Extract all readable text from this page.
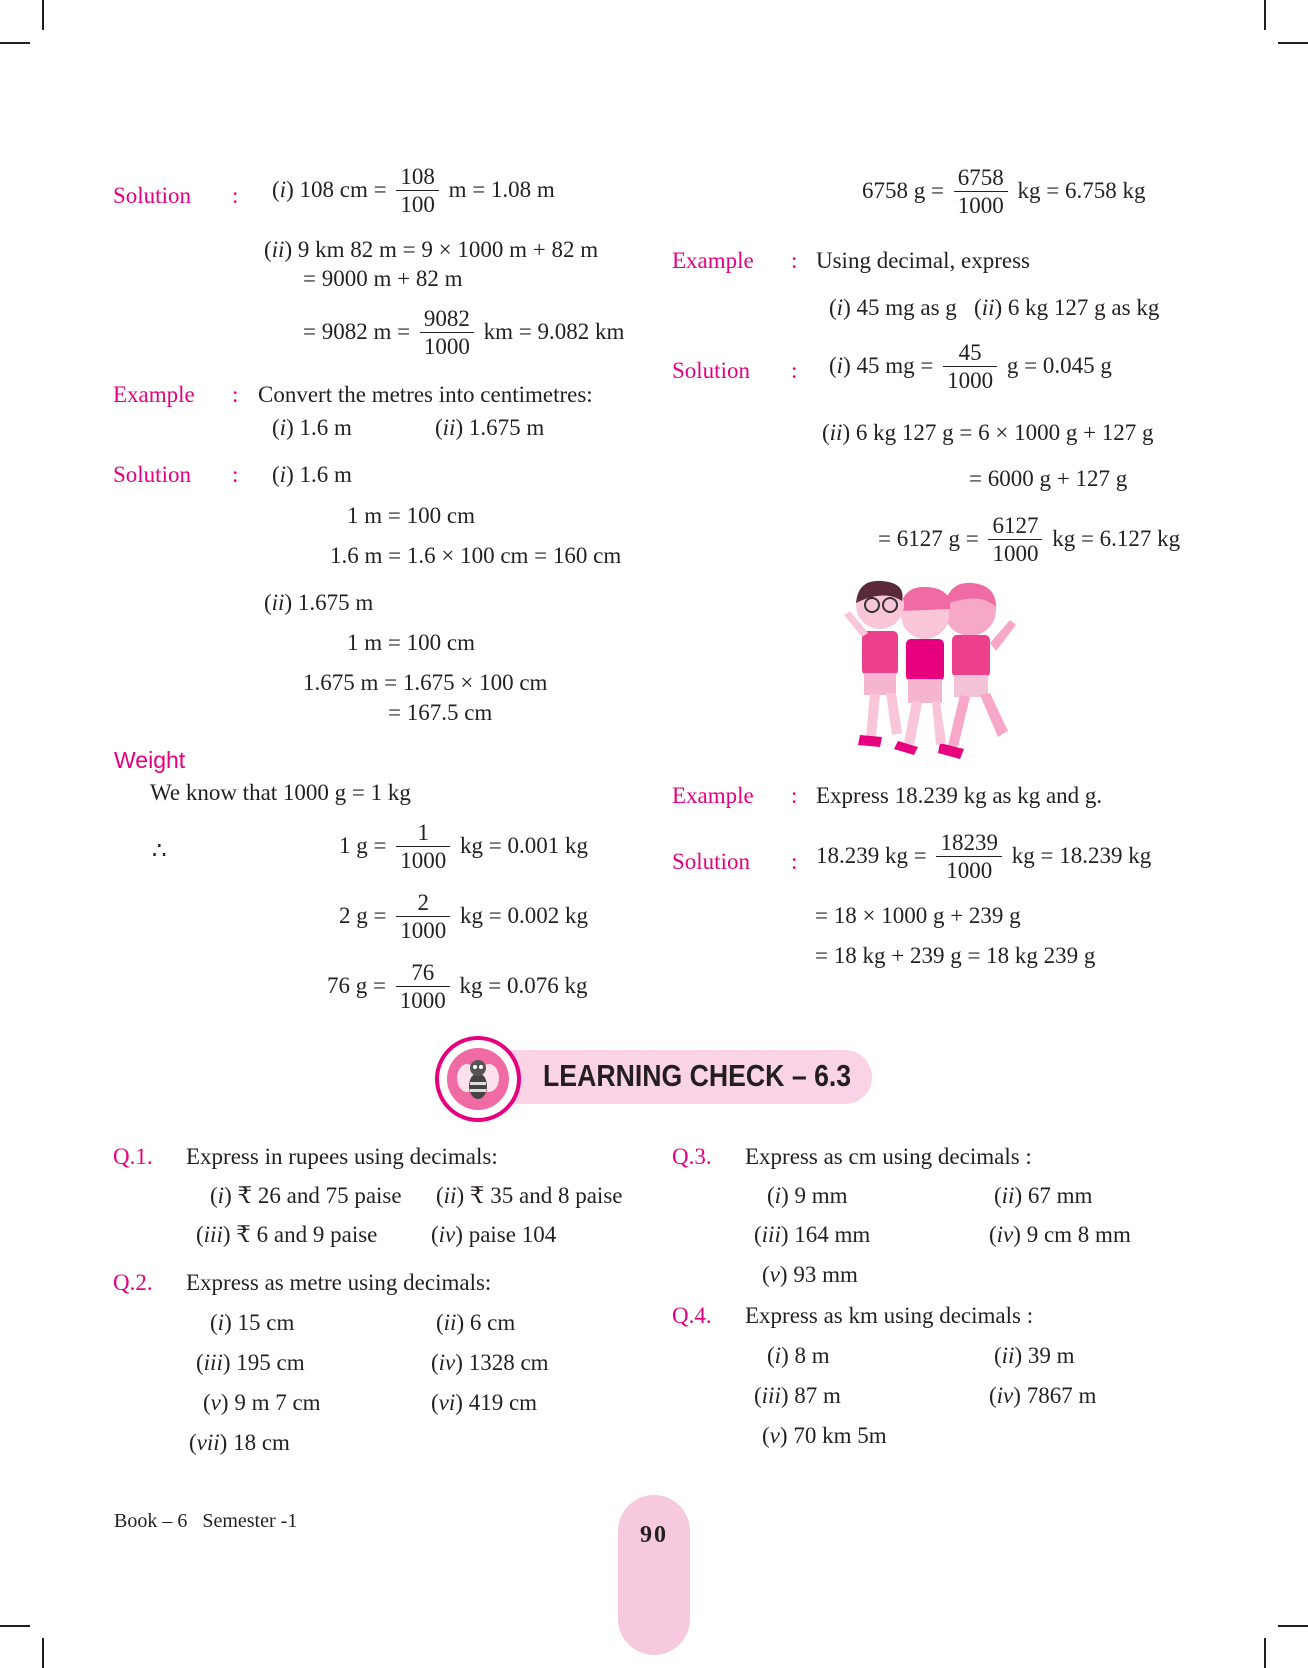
Solution : (i) 108 cm = $\frac{108}{100}$ m = 1.08 m
(ii) 9 km 82 m = 9 × 1000 m + 82 m
= 9000 m + 82 m
= 9082 $m = \frac{9082}{1000}$ km = 9.082 km
Example : Convert the metres into centimetres:
(i) 1.6 m	(ii) 1.675 m
Solution : (i) 1.6 m
1 m = 100 cm
1.6 m = 1.6 × 100 cm = 160 cm
(ii) 1.675 m
1 m = 100 cm
1.675 m = 1.675 × 100 cm
= 167.5 cm
Weight
We know that 1000 g = 1 kg
∴	1 $g = \frac{1}{1000}$ kg = 0.001 kg
2 $g = \frac{2}{1000}$ kg = 0.002 kg
76 $g = \frac{76}{1000}$ kg = 0.076 kg
6758 $g = \frac{6758}{1000}$ kg = 6.758 kg
Example : Using decimal, express
(i) 45 mg as g   (ii) 6 kg 127 g as kg
Solution : (i) 45 mg = $\frac{45}{1000}$ g = 0.045 g
(ii) 6 kg 127 g = 6 × 1000 g + 127 g
= 6000 g + 127 g
= 6127 $g = \frac{6127}{1000}$ kg = 6.127 kg
Example : Express 18.239 kg as kg and g.
Solution : 18.239 kg = $\frac{18239}{1000}$ kg = 18.239 kg
= 18 × 1000 g + 239 g
= 18 kg + 239 g = 18 kg 239 g
LEARNING CHECK – 6.3
Q.1. Express in rupees using decimals:
(i) ₹ 26 and 75 paise (ii) ₹ 35 and 8 paise
(iii) ₹ 6 and 9 paise (iv) paise 104
Q.2. Express as metre using decimals:
(i) 15 cm	(ii) 6 cm
(iii) 195 cm	(iv) 1328 cm
(v) 9 m 7 cm	(vi) 419 cm
(vii) 18 cm
Q.3. Express as cm using decimals :
(i) 9 mm	(ii) 67 mm
(iii) 164 mm	(iv) 9 cm 8 mm
(v) 93 mm
Q.4. Express as km using decimals :
(i) 8 m	(ii) 39 m
(iii) 87 m	(iv) 7867 m
(v) 70 km 5m
Book – 6 Semester -1
90
